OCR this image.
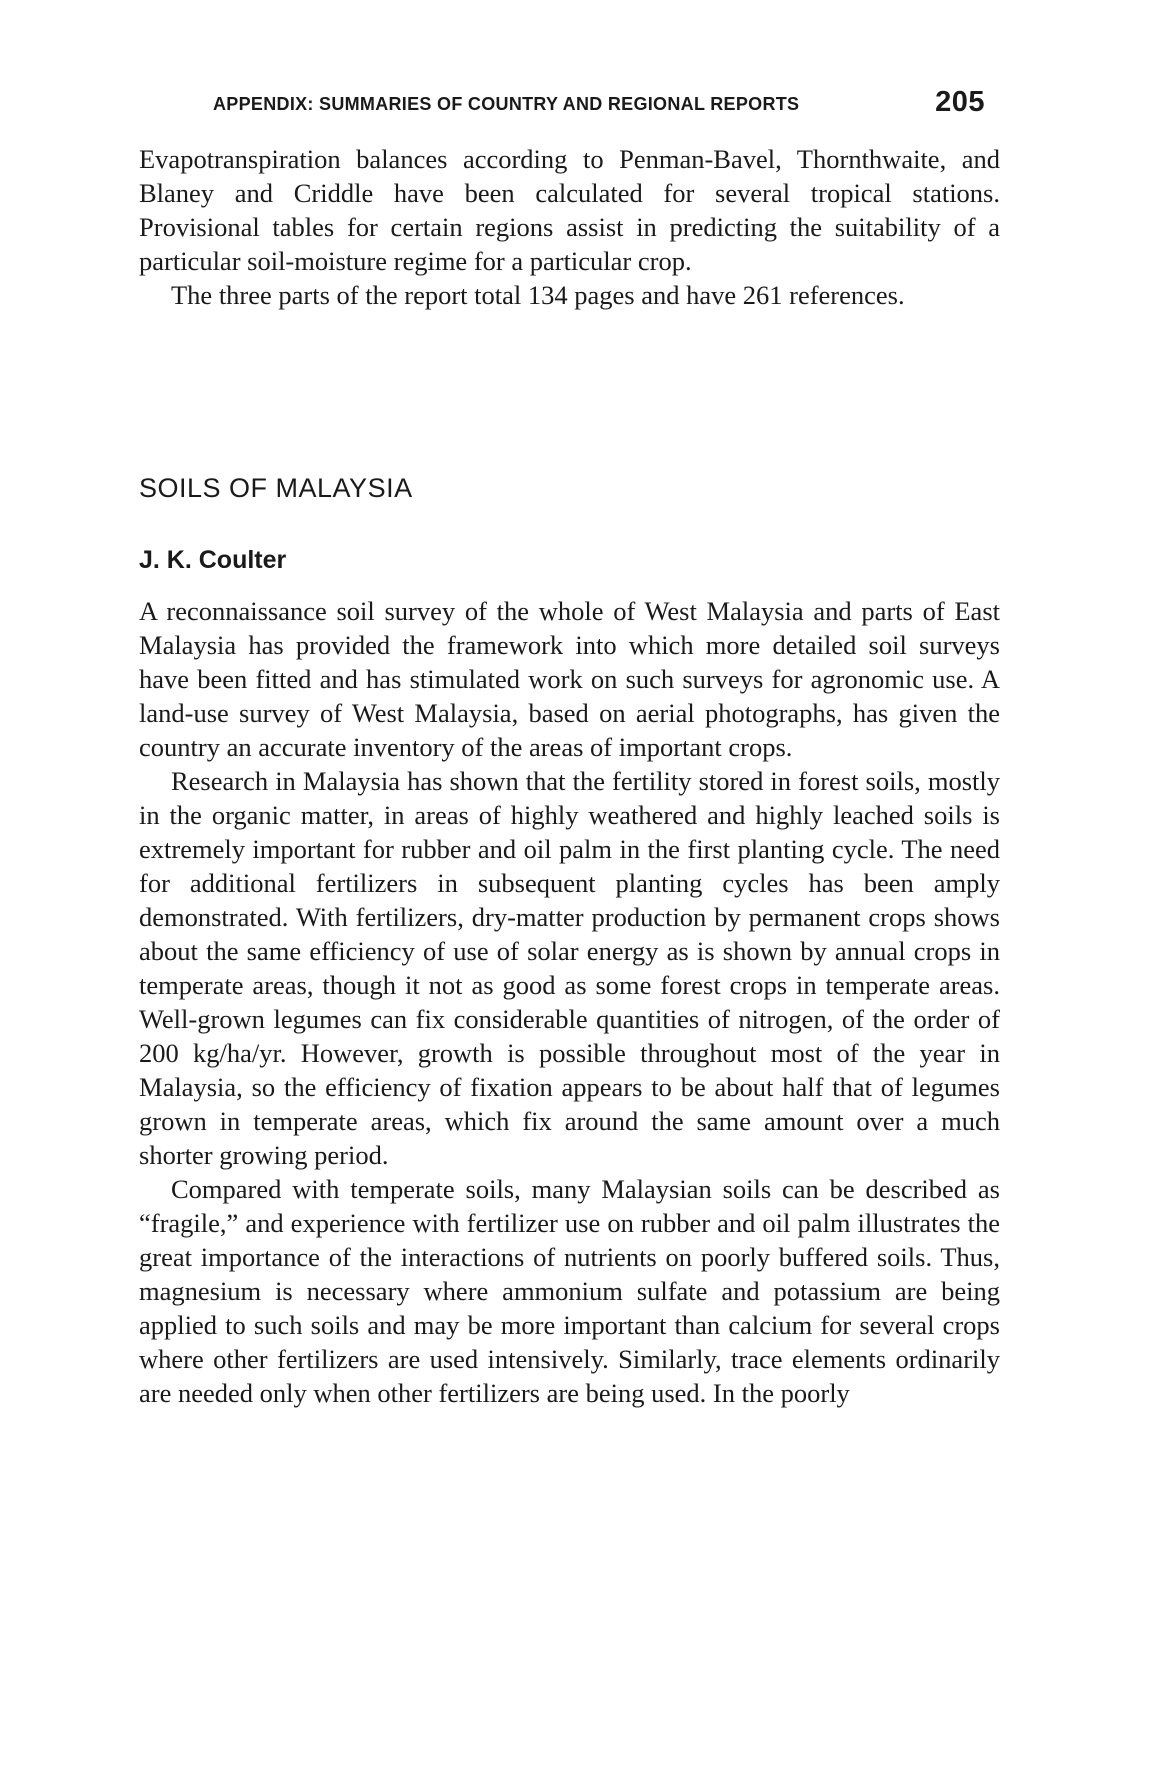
APPENDIX: SUMMARIES OF COUNTRY AND REGIONAL REPORTS	205

Evapotranspiration balances according to Penman-Bavel, Thornthwaite, and Blaney and Criddle have been calculated for several tropical stations. Provisional tables for certain regions assist in predicting the suitability of a particular soil-moisture regime for a particular crop.

The three parts of the report total 134 pages and have 261 references.

SOILS OF MALAYSIA
J. K. Coulter

A reconnaissance soil survey of the whole of West Malaysia and parts of East Malaysia has provided the framework into which more detailed soil surveys have been fitted and has stimulated work on such surveys for agronomic use. A land-use survey of West Malaysia, based on aerial photographs, has given the country an accurate inventory of the areas of important crops.

Research in Malaysia has shown that the fertility stored in forest soils, mostly in the organic matter, in areas of highly weathered and highly leached soils is extremely important for rubber and oil palm in the first planting cycle. The need for additional fertilizers in subsequent planting cycles has been amply demonstrated. With fertilizers, dry-matter production by permanent crops shows about the same efficiency of use of solar energy as is shown by annual crops in temperate areas, though it not as good as some forest crops in temperate areas. Well-grown legumes can fix considerable quantities of nitrogen, of the order of 200 kg/ha/yr. However, growth is possible throughout most of the year in Malaysia, so the efficiency of fixation appears to be about half that of legumes grown in temperate areas, which fix around the same amount over a much shorter growing period.

Compared with temperate soils, many Malaysian soils can be described as “fragile,” and experience with fertilizer use on rubber and oil palm illustrates the great importance of the interactions of nutrients on poorly buffered soils. Thus, magnesium is necessary where ammonium sulfate and potassium are being applied to such soils and may be more important than calcium for several crops where other fertilizers are used intensively. Similarly, trace elements ordinarily are needed only when other fertilizers are being used. In the poorly
